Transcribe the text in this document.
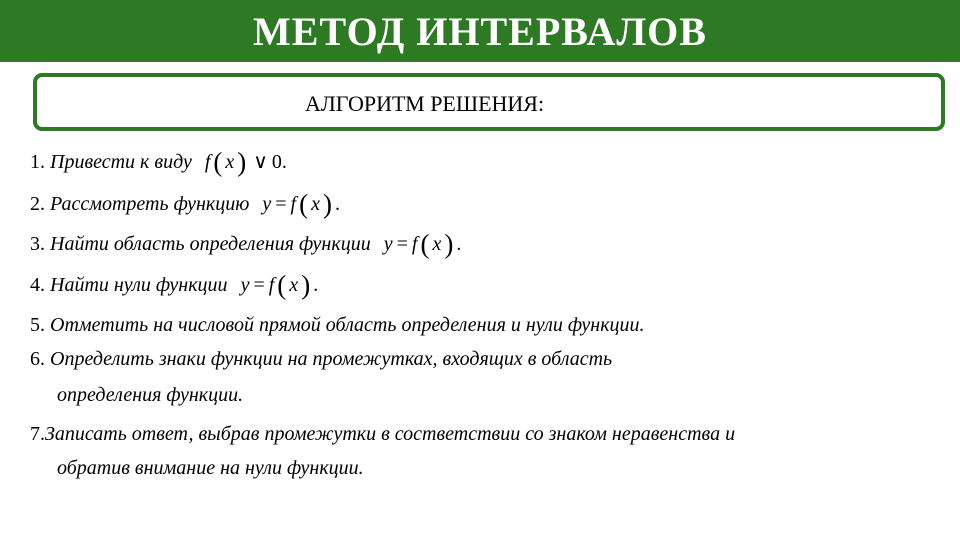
МЕТОД ИНТЕРВАЛОВ
АЛГОРИТМ РЕШЕНИЯ:
1. Привести к виду f ( x ) ∨ 0.
2. Рассмотреть функцию y = f ( x ) .
3. Найти область определения функции y = f ( x ) .
4. Найти нули функции y = f ( x ) .
5. Отметить на числовой прямой область определения и нули функции.
6. Определить знаки функции на промежутках, входящих в область
определения функции.
7.Записать ответ, выбрав промежутки в состветствии со знаком неравенства и
обратив внимание на нули функции.
